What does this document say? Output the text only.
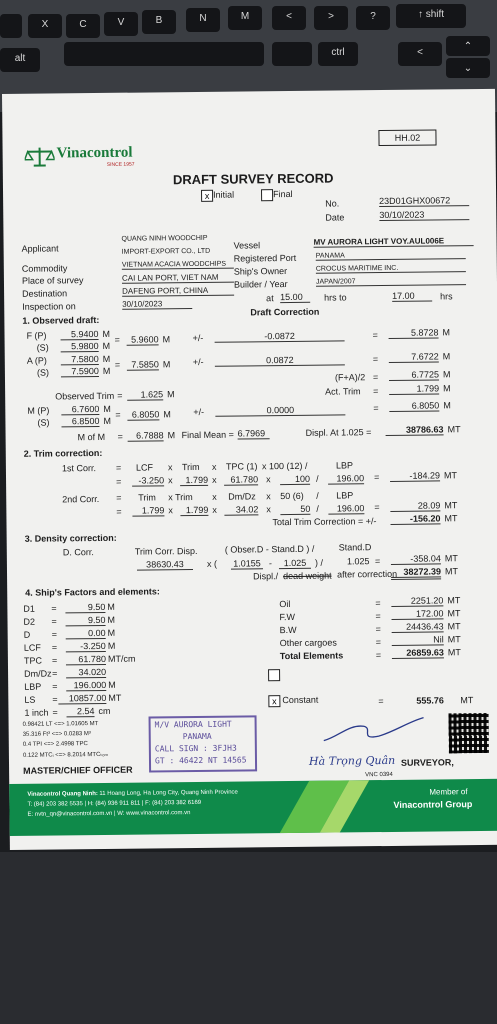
X	C	V	B	N	M	<	>	?	↑ shift
alt
ctrl	<
⌃
⌄
HH.02
Vinacontrol
SINCE 1957
DRAFT SURVEY RECORD
x Initial	Final
No.	23D01GHX00672
Date	30/10/2023
Applicant
QUANG NINH WOODCHIP
IMPORT-EXPORT CO., LTD
Commodity	VIETNAM ACACIA WOODCHIPS
Place of survey	CAI LAN PORT, VIET NAM
Destination	DAFENG PORT, CHINA
Inspection on	30/10/2023
Vessel	MV AURORA LIGHT VOY.AUL006E
Registered Port	PANAMA
Ship's Owner	CROCUS MARITIME INC.
Builder / Year	JAPAN/2007
at 15.00	hrs to	17.00	hrs
1. Observed draft:
Draft Correction
F (P)	5.9400 M
(S)	5.9800 M
=	5.9600 M +/-	-0.0872	=	5.8728 M
A (P)	7.5800 M
(S)	7.5900 M
=	7.5850 M +/-	0.0872	=	7.6722 M
(F+A)/2 =	6.7725 M
Observed Trim =	1.625 M	Act. Trim =	1.799 M
M (P)	6.7600 M
(S)	6.8500 M
=	6.8050 M +/-	0.0000	=	6.8050 M
M of M =	6.7888 M Final Mean = 6.7969	Displ. At 1.025 =	38786.63 MT
2. Trim correction:
1st Corr. = LCF x Trim x TPC (1) x 100 (12) /	LBP
=	-3.250 x	1.799 x	61.780 x	100 /	196.00 =	-184.29 MT
2nd Corr. = Trim x Trim x Dm/Dz x 50 (6) / LBP
=	1.799 x	1.799 x	34.02 x	50 /	196.00 =	28.09 MT
Total Trim Correction = +/-	-156.20 MT
3. Density correction:
D. Corr.	Trim Corr. Disp.	( Obser.D - Stand.D ) /	Stand.D
38630.43	x ( 1.0155 -	1.025 ) /	1.025 =	-358.04 MT
Displ./ dead weight after correction 38272.39 MT
4. Ship's Factors and elements:
D1 =	9.50 M
D2 =	9.50 M
D =	0.00 M
LCF =	-3.250 M
TPC =	61.780 MT/cm
Dm/Dz =	34.020
LBP =	196.000 M
LS =	10857.00 MT
1 inch =	2.54 cm
0.98421 LT <=> 1.01605 MT
35.316 Ft³ <=> 0.0283 M³
0.4 TPI <=> 2.4998 TPC
0.122 MTCᵢ <=> 8.2014 MTCₜₒₘ
MASTER/CHIEF OFFICER
Oil	=	2251.20 MT
F.W	=	172.00 MT
B.W	=	24436.43 MT
Other cargoes	=	Nil MT
Total Elements	=	26859.63 MT
x Constant	=	555.76 MT
M/V AURORA LIGHT
PANAMA
CALL SIGN : 3FJH3
GT : 46422 NT 14565	Hà Trọng Quân SURVEYOR,
VNC 0394
Vinacontrol Quang Ninh: 11 Hoang Long, Ha Long City, Quang Ninh Province
T: (84) 203 382 5535 | H: (84) 936 911 811 | F: (84) 203 382 6169
E: nvtn_qn@vinacontrol.com.vn | W: www.vinacontrol.com.vn
Member of
Vinacontrol Group
